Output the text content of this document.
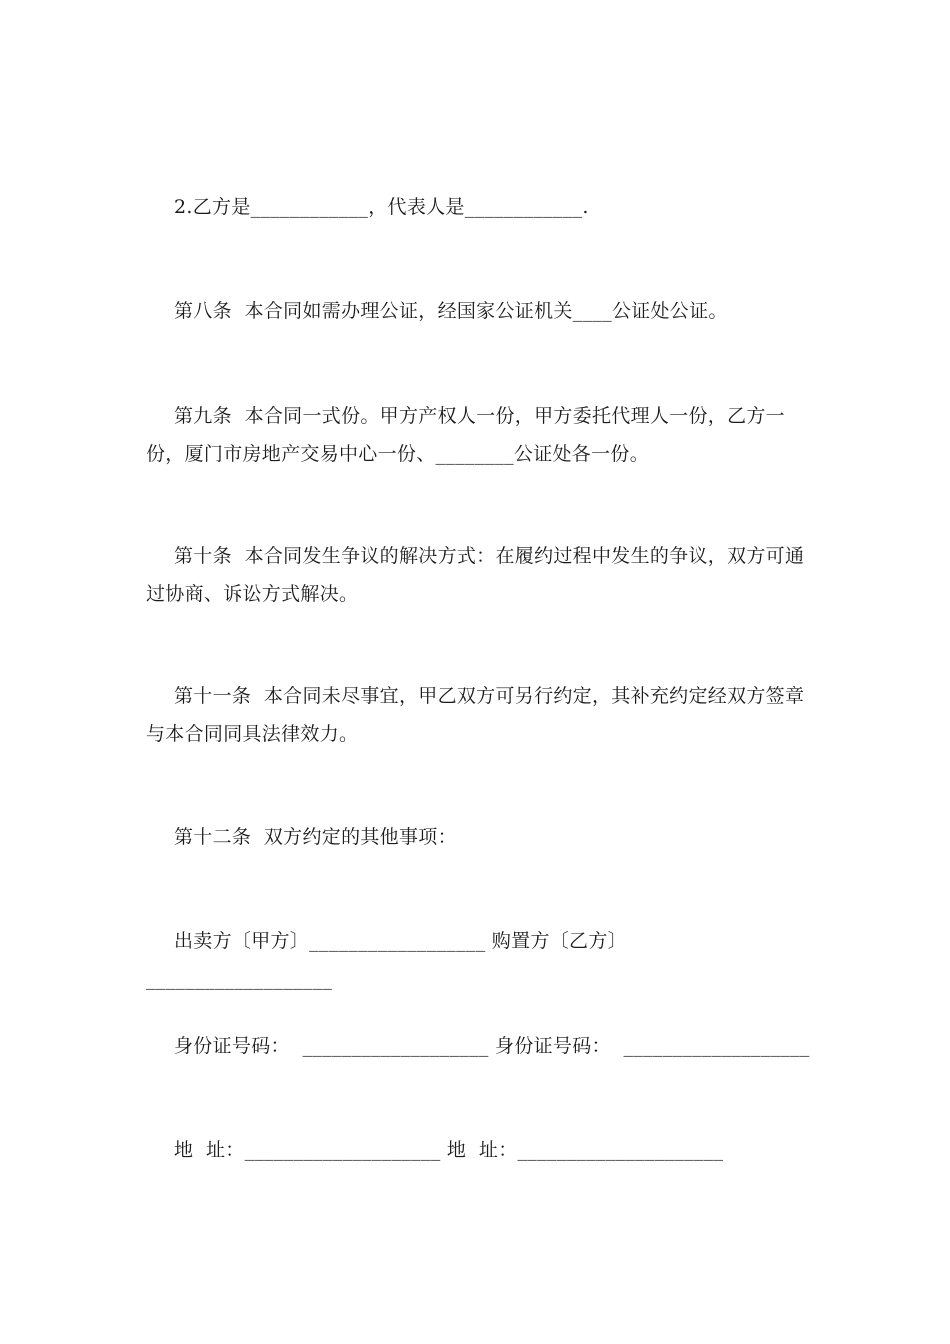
2.乙方是____________，代表人是____________.
第八条  本合同如需办理公证，经国家公证机关____公证处公证。
第九条  本合同一式份。甲方产权人一份，甲方委托代理人一份，乙方一份，厦门市房地产交易中心一份、________公证处各一份。
第十条  本合同发生争议的解决方式：在履约过程中发生的争议，双方可通过协商、诉讼方式解决。
第十一条  本合同未尽事宜，甲乙双方可另行约定，其补充约定经双方签章与本合同同具法律效力。
第十二条  双方约定的其他事项：
出卖方〔甲方〕__________________ 购置方〔乙方〕___________________
身份证号码：  ___________________ 身份证号码：  ___________________
地  址：____________________ 地  址：_____________________
